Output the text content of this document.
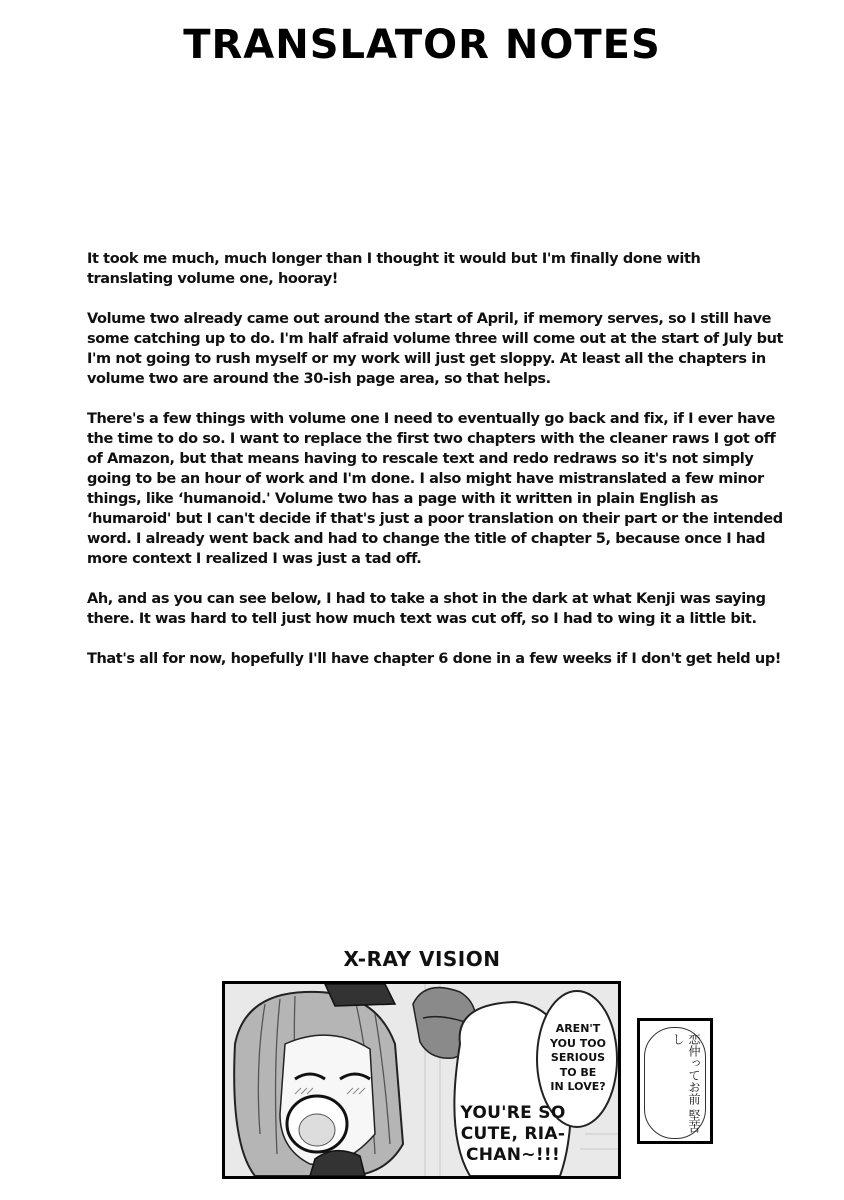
TRANSLATOR NOTES

It took me much, much longer than I thought it would but I'm finally done with translating volume one, hooray!

Volume two already came out around the start of April, if memory serves, so I still have some catching up to do. I'm half afraid volume three will come out at the start of July but I'm not going to rush myself or my work will just get sloppy. At least all the chapters in volume two are around the 30-ish page area, so that helps.

There's a few things with volume one I need to eventually go back and fix, if I ever have the time to do so. I want to replace the first two chapters with the cleaner raws I got off of Amazon, but that means having to rescale text and redo redraws so it's not simply going to be an hour of work and I'm done. I also might have mistranslated a few minor things, like ‘humanoid.' Volume two has a page with it written in plain English as ‘humaroid' but I can't decide if that's just a poor translation on their part or the intended word. I already went back and had to change the title of chapter 5, because once I had more context I realized I was just a tad off.

Ah, and as you can see below, I had to take a shot in the dark at what Kenji was saying there. It was hard to tell just how much text was cut off, so I had to wing it a little bit.

That's all for now, hopefully I'll have chapter 6 done in a few weeks if I don't get held up!

X-RAY VISION
AREN'T
YOU TOO
SERIOUS
TO BE
IN LOVE?
YOU'RE SO
CUTE, RIA-
CHAN~!!!
恋仲ってお前 堅苦し
